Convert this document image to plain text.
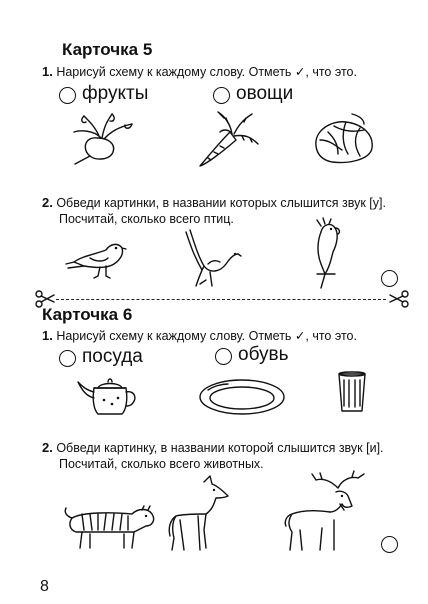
Карточка 5
1. Нарисуй схему к каждому слову. Отметь ✓, что это.
фрукты	овощи
2. Обведи картинки, в названии которых слышится звук [у].
Посчитай, сколько всего птиц.
Карточка 6
1. Нарисуй схему к каждому слову. Отметь ✓, что это.
посуда	обувь
2. Обведи картинку, в названии которой слышится звук [и].
Посчитай, сколько всего животных.
8
